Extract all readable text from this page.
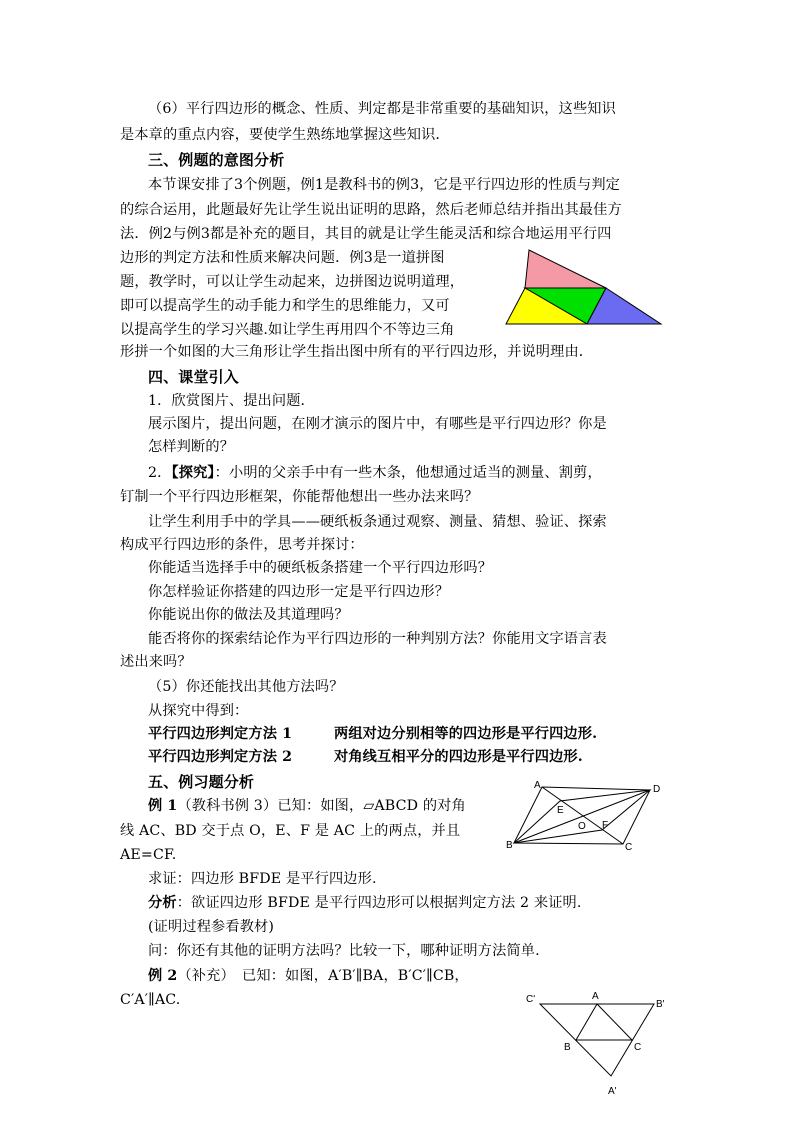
（6）平行四边形的概念、性质、判定都是非常重要的基础知识，这些知识
是本章的重点内容，要使学生熟练地掌握这些知识．
三、例题的意图分析
本节课安排了3个例题，例1是教科书的例3，它是平行四边形的性质与判定
的综合运用，此题最好先让学生说出证明的思路，然后老师总结并指出其最佳方
法．例2与例3都是补充的题目，其目的就是让学生能灵活和综合地运用平行四
边形的判定方法和性质来解决问题．例3是一道拼图
题，教学时，可以让学生动起来，边拼图边说明道理，
即可以提高学生的动手能力和学生的思维能力，又可
以提高学生的学习兴趣.如让学生再用四个不等边三角
形拼一个如图的大三角形让学生指出图中所有的平行四边形，并说明理由．
四、课堂引入
1．欣赏图片、提出问题．
展示图片，提出问题，在刚才演示的图片中，有哪些是平行四边形？你是
怎样判断的？
2．【探究】：小明的父亲手中有一些木条，他想通过适当的测量、割剪，
钉制一个平行四边形框架，你能帮他想出一些办法来吗？
让学生利用手中的学具——硬纸板条通过观察、测量、猜想、验证、探索
构成平行四边形的条件，思考并探讨：
你能适当选择手中的硬纸板条搭建一个平行四边形吗？
你怎样验证你搭建的四边形一定是平行四边形？
你能说出你的做法及其道理吗？
能否将你的探索结论作为平行四边形的一种判别方法？你能用文字语言表
述出来吗？
（5）你还能找出其他方法吗？
从探究中得到：
平行四边形判定方法 1	两组对边分别相等的四边形是平行四边形.
平行四边形判定方法 2	对角线互相平分的四边形是平行四边形.
五、例习题分析
例 1（教科书例 3）已知：如图，▱ABCD 的对角
线 AC、BD 交于点 O，E、F 是 AC 上的两点，并且
AE=CF.
求证：四边形 BFDE 是平行四边形.
分析：欲证四边形 BFDE 是平行四边形可以根据判定方法 2 来证明.
(证明过程参看教材)
问：你还有其他的证明方法吗？比较一下，哪种证明方法简单.
例 2（补充）　已知：如图，A′B′∥BA，B′C′∥CB，
C′A′∥AC.
A	D
E
O F
B	C
C'	A
B'
B	C
A'
